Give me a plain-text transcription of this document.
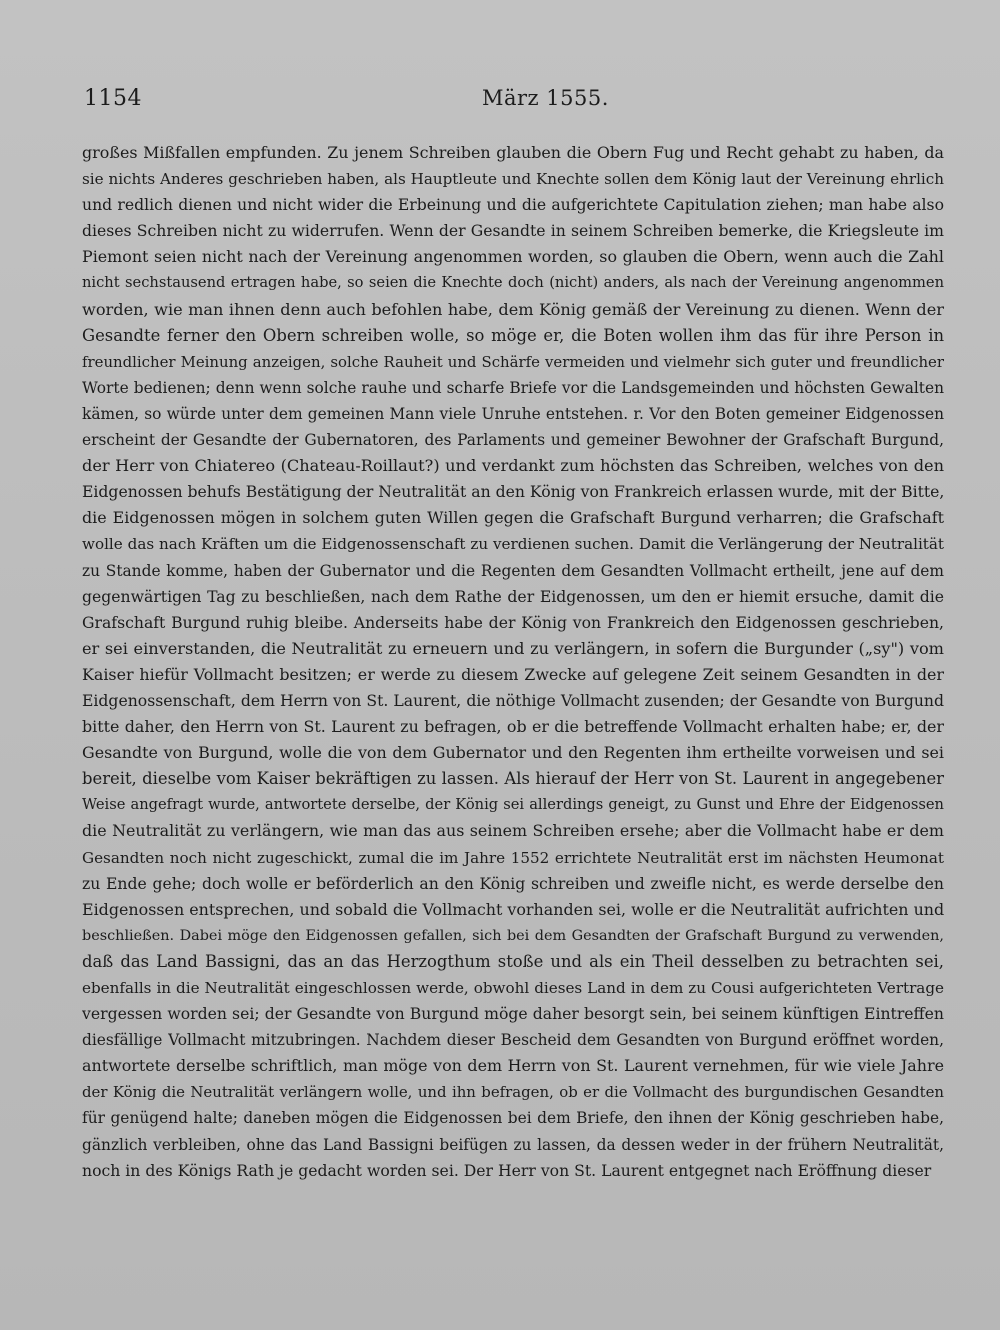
1154	März 1555.
großes Mißfallen empfunden. Zu jenem Schreiben glauben die Obern Fug und Recht gehabt zu haben, da
sie nichts Anderes geschrieben haben, als Hauptleute und Knechte sollen dem König laut der Vereinung ehrlich
und redlich dienen und nicht wider die Erbeinung und die aufgerichtete Capitulation ziehen; man habe also
dieses Schreiben nicht zu widerrufen. Wenn der Gesandte in seinem Schreiben bemerke, die Kriegsleute im
Piemont seien nicht nach der Vereinung angenommen worden, so glauben die Obern, wenn auch die Zahl
nicht sechstausend ertragen habe, so seien die Knechte doch (nicht) anders, als nach der Vereinung angenommen
worden, wie man ihnen denn auch befohlen habe, dem König gemäß der Vereinung zu dienen. Wenn der
Gesandte ferner den Obern schreiben wolle, so möge er, die Boten wollen ihm das für ihre Person in
freundlicher Meinung anzeigen, solche Rauheit und Schärfe vermeiden und vielmehr sich guter und freundlicher
Worte bedienen; denn wenn solche rauhe und scharfe Briefe vor die Landsgemeinden und höchsten Gewalten
kämen, so würde unter dem gemeinen Mann viele Unruhe entstehen. r. Vor den Boten gemeiner Eidgenossen
erscheint der Gesandte der Gubernatoren, des Parlaments und gemeiner Bewohner der Grafschaft Burgund,
der Herr von Chiatereo (Chateau-Roillaut?) und verdankt zum höchsten das Schreiben, welches von den
Eidgenossen behufs Bestätigung der Neutralität an den König von Frankreich erlassen wurde, mit der Bitte,
die Eidgenossen mögen in solchem guten Willen gegen die Grafschaft Burgund verharren; die Grafschaft
wolle das nach Kräften um die Eidgenossenschaft zu verdienen suchen. Damit die Verlängerung der Neutralität
zu Stande komme, haben der Gubernator und die Regenten dem Gesandten Vollmacht ertheilt, jene auf dem
gegenwärtigen Tag zu beschließen, nach dem Rathe der Eidgenossen, um den er hiemit ersuche, damit die
Grafschaft Burgund ruhig bleibe. Anderseits habe der König von Frankreich den Eidgenossen geschrieben,
er sei einverstanden, die Neutralität zu erneuern und zu verlängern, in sofern die Burgunder („sy") vom
Kaiser hiefür Vollmacht besitzen; er werde zu diesem Zwecke auf gelegene Zeit seinem Gesandten in der
Eidgenossenschaft, dem Herrn von St. Laurent, die nöthige Vollmacht zusenden; der Gesandte von Burgund
bitte daher, den Herrn von St. Laurent zu befragen, ob er die betreffende Vollmacht erhalten habe; er, der
Gesandte von Burgund, wolle die von dem Gubernator und den Regenten ihm ertheilte vorweisen und sei
bereit, dieselbe vom Kaiser bekräftigen zu lassen. Als hierauf der Herr von St. Laurent in angegebener
Weise angefragt wurde, antwortete derselbe, der König sei allerdings geneigt, zu Gunst und Ehre der Eidgenossen
die Neutralität zu verlängern, wie man das aus seinem Schreiben ersehe; aber die Vollmacht habe er dem
Gesandten noch nicht zugeschickt, zumal die im Jahre 1552 errichtete Neutralität erst im nächsten Heumonat
zu Ende gehe; doch wolle er beförderlich an den König schreiben und zweifle nicht, es werde derselbe den
Eidgenossen entsprechen, und sobald die Vollmacht vorhanden sei, wolle er die Neutralität aufrichten und
beschließen. Dabei möge den Eidgenossen gefallen, sich bei dem Gesandten der Grafschaft Burgund zu verwenden,
daß das Land Bassigni, das an das Herzogthum stoße und als ein Theil desselben zu betrachten sei,
ebenfalls in die Neutralität eingeschlossen werde, obwohl dieses Land in dem zu Cousi aufgerichteten Vertrage
vergessen worden sei; der Gesandte von Burgund möge daher besorgt sein, bei seinem künftigen Eintreffen
diesfällige Vollmacht mitzubringen. Nachdem dieser Bescheid dem Gesandten von Burgund eröffnet worden,
antwortete derselbe schriftlich, man möge von dem Herrn von St. Laurent vernehmen, für wie viele Jahre
der König die Neutralität verlängern wolle, und ihn befragen, ob er die Vollmacht des burgundischen Gesandten
für genügend halte; daneben mögen die Eidgenossen bei dem Briefe, den ihnen der König geschrieben habe,
gänzlich verbleiben, ohne das Land Bassigni beifügen zu lassen, da dessen weder in der frühern Neutralität,
noch in des Königs Rath je gedacht worden sei. Der Herr von St. Laurent entgegnet nach Eröffnung dieser
